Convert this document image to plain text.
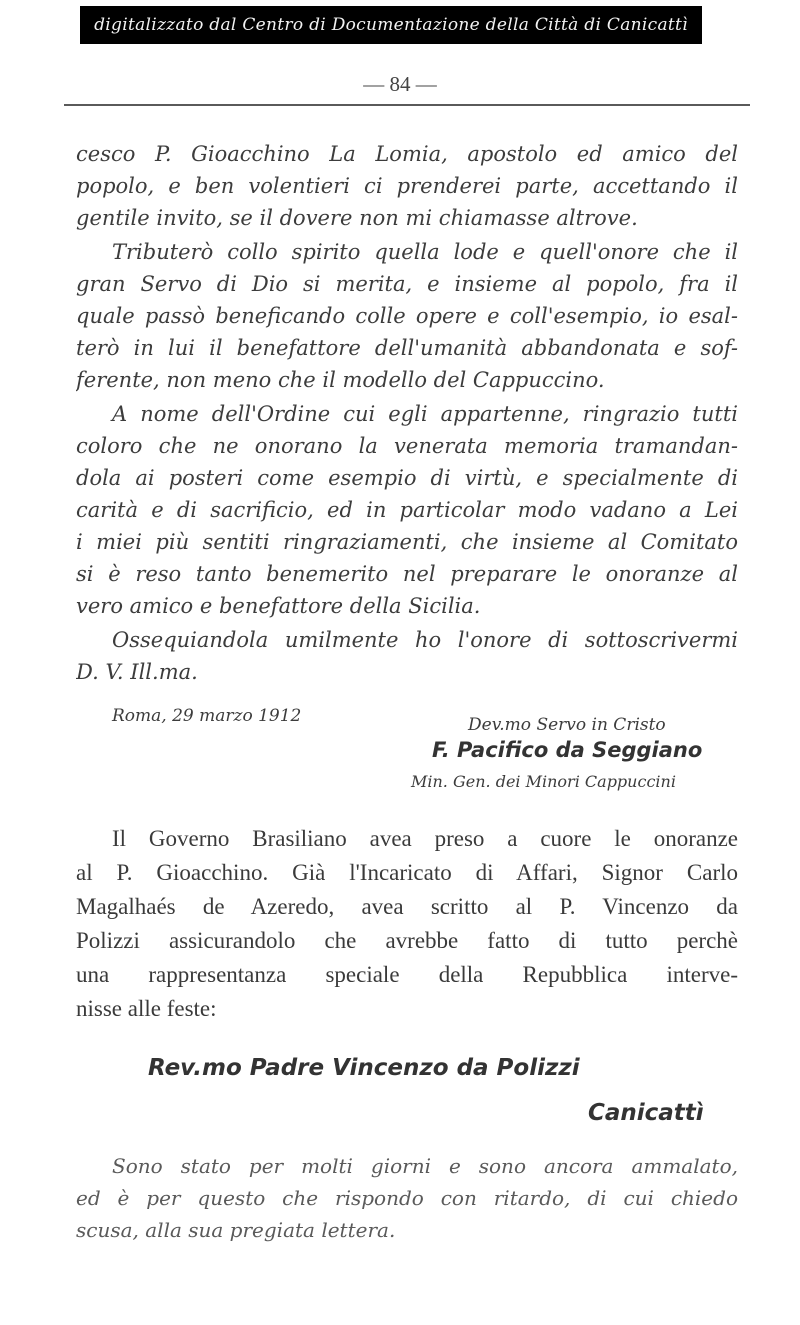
digitalizzato dal Centro di Documentazione della Città di Canicattì
— 84 —
cesco P. Gioacchino La Lomia, apostolo ed amico del
popolo, e ben volentieri ci prenderei parte, accettando il
gentile invito, se il dovere non mi chiamasse altrove.
Tributerò collo spirito quella lode e quell'onore che il
gran Servo di Dio si merita, e insieme al popolo, fra il
quale passò beneficando colle opere e coll'esempio, io esal-
terò in lui il benefattore dell'umanità abbandonata e sof-
ferente, non meno che il modello del Cappuccino.
A nome dell'Ordine cui egli appartenne, ringrazio tutti
coloro che ne onorano la venerata memoria tramandan-
dola ai posteri come esempio di virtù, e specialmente di
carità e di sacrificio, ed in particolar modo vadano a Lei
i miei più sentiti ringraziamenti, che insieme al Comitato
si è reso tanto benemerito nel preparare le onoranze al
vero amico e benefattore della Sicilia.
Ossequiandola umilmente ho l'onore di sottoscrivermi
D. V. Ill.ma.
Roma, 29 marzo 1912	Dev.mo Servo in Cristo
F. Pacifico da Seggiano
Min. Gen. dei Minori Cappuccini
Il Governo Brasiliano avea preso a cuore le onoranze
al P. Gioacchino. Già l'Incaricato di Affari, Signor Carlo
Magalhaés de Azeredo, avea scritto al P. Vincenzo da
Polizzi assicurandolo che avrebbe fatto di tutto perchè
una rappresentanza speciale della Repubblica interve-
nisse alle feste:
Rev.mo Padre Vincenzo da Polizzi
Canicattì
Sono stato per molti giorni e sono ancora ammalato,
ed è per questo che rispondo con ritardo, di cui chiedo
scusa, alla sua pregiata lettera.
